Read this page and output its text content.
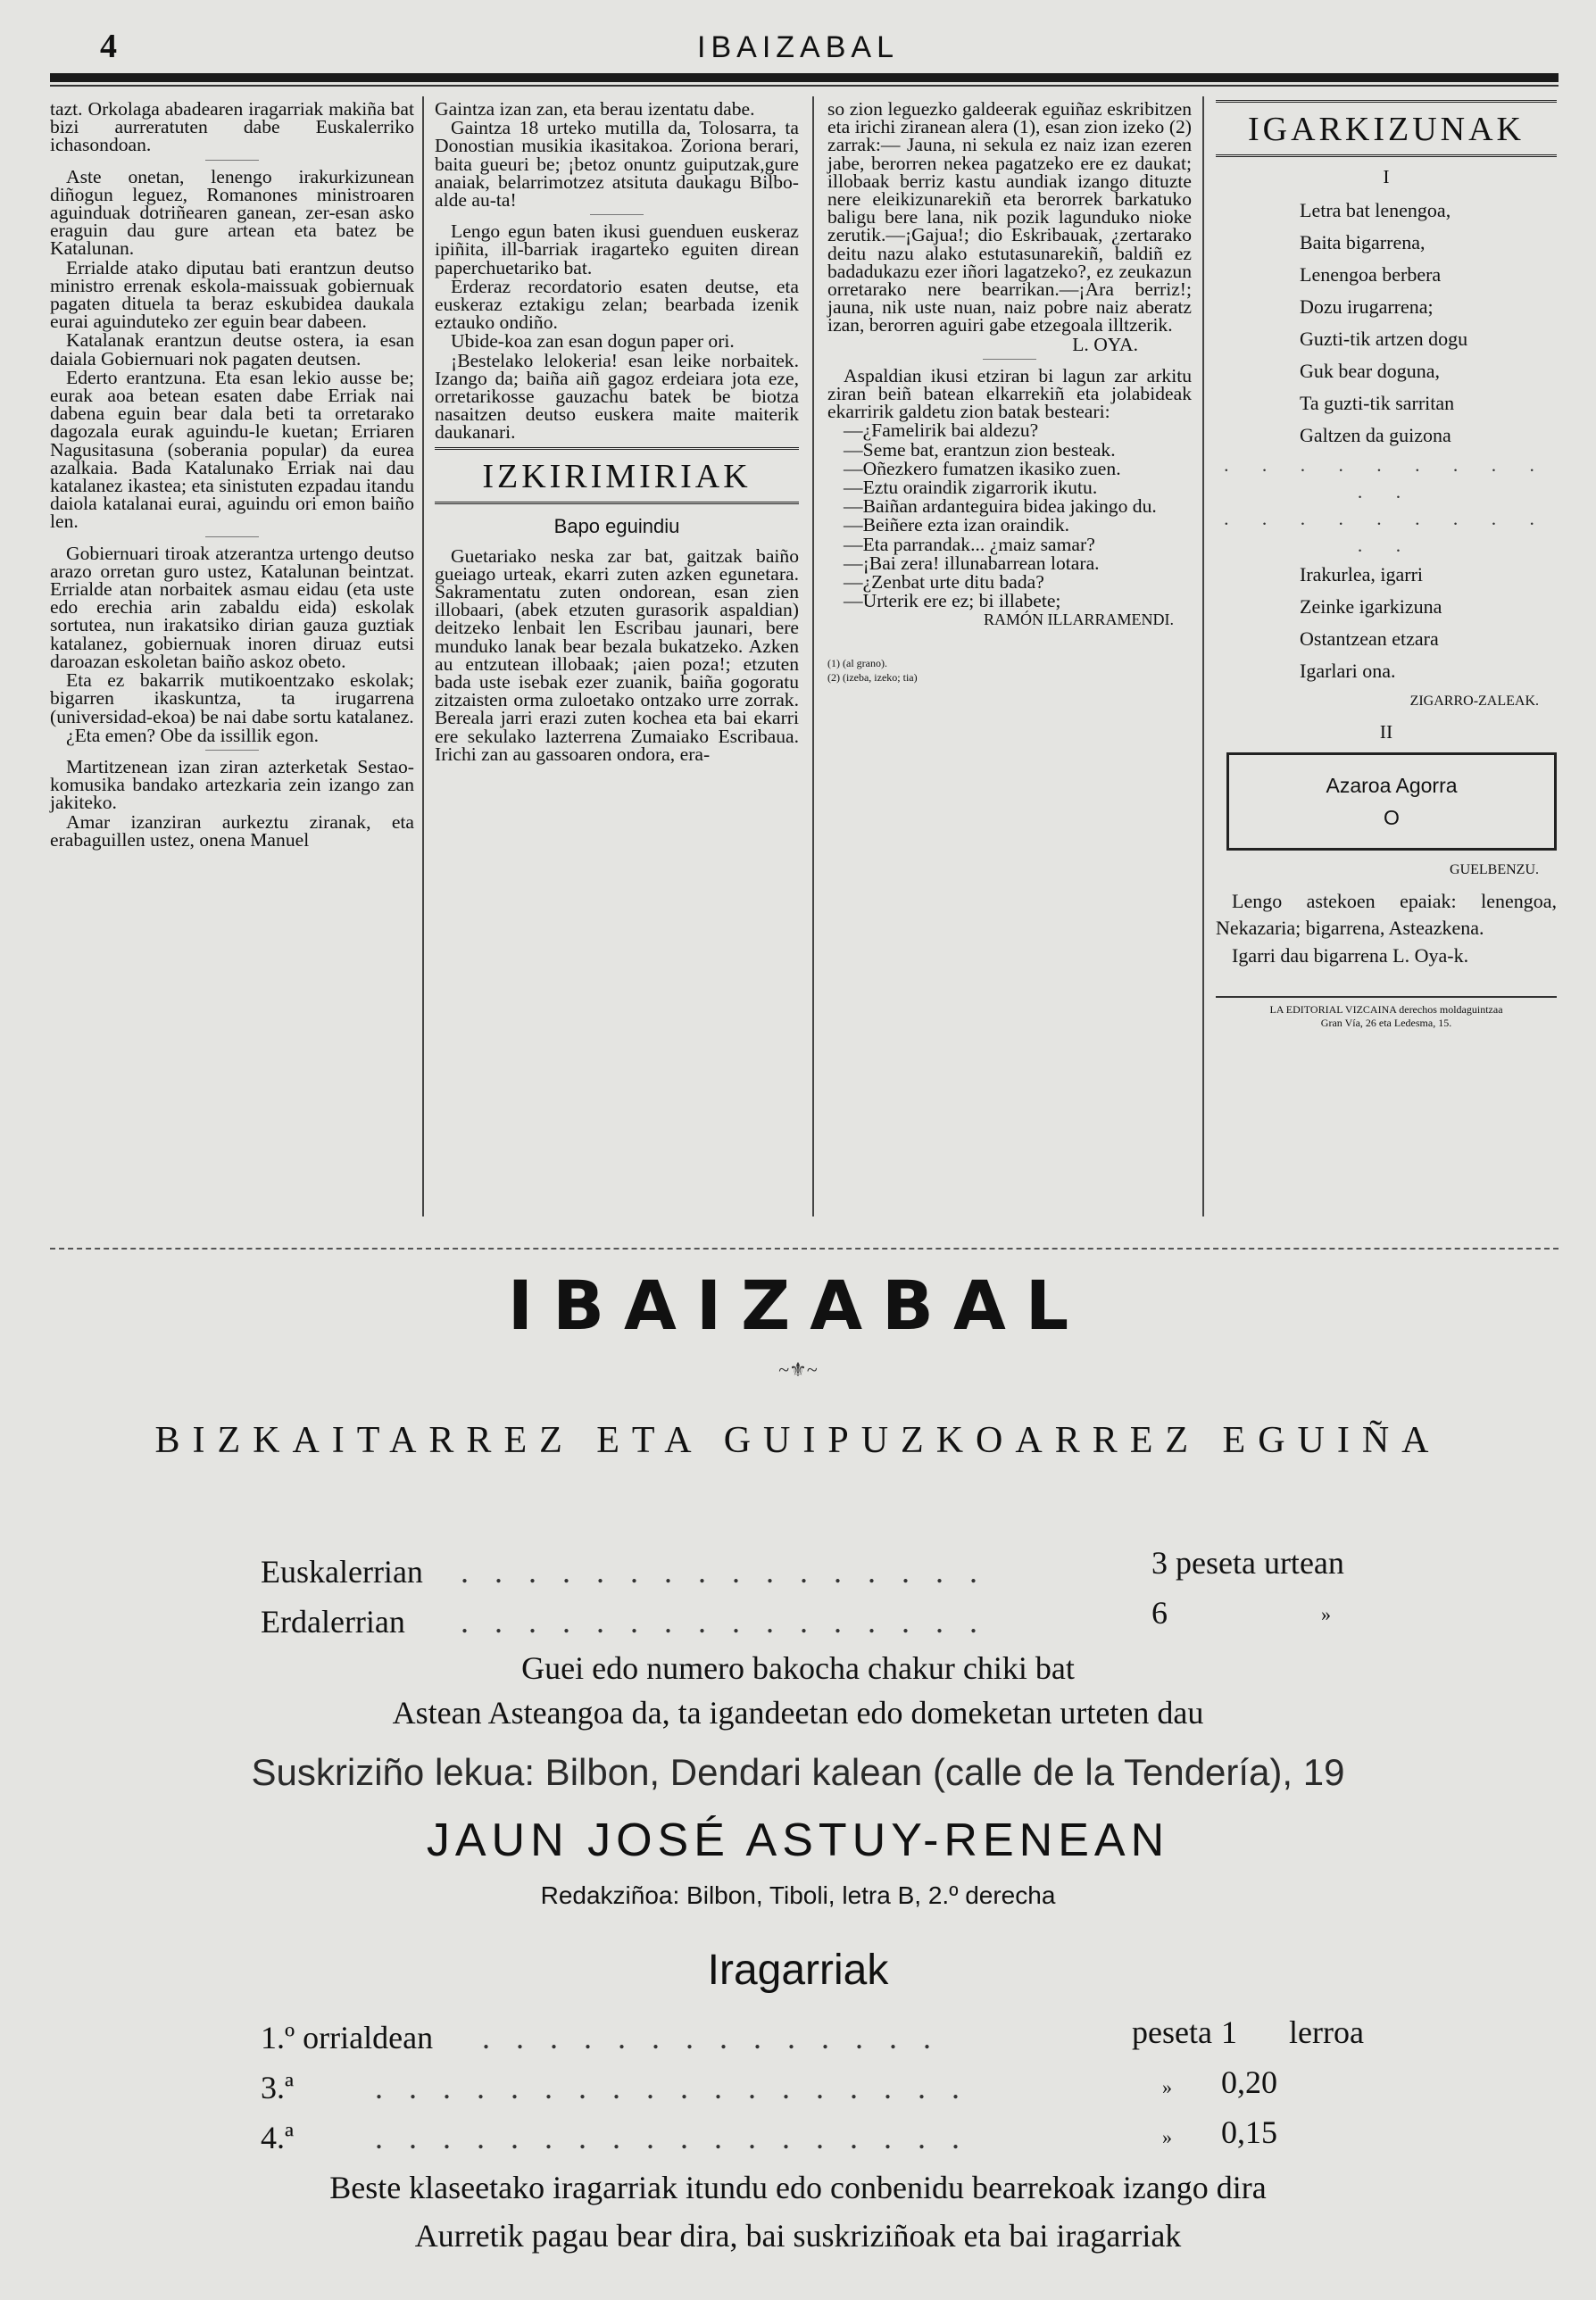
4	IBAIZABAL

tazt. Orkolaga abadearen iragarriak makiña bat bizi aurreratuten dabe Euskalerriko ichasondoan.

Aste onetan, lenengo irakurkizunean diñogun leguez, Romanones ministroaren aguinduak dotriñearen ganean, zer-esan asko eraguin dau gure artean eta batez be Katalunan.

Errialde atako diputau bati erantzun deutso ministro errenak eskola-maissuak gobiernuak pagaten dituela ta beraz eskubidea daukala eurai aguinduteko zer eguin bear dabeen.

Katalanak erantzun deutse ostera, ia esan daiala Gobiernuari nok pagaten deutsen.

Ederto erantzuna. Eta esan lekio ausse be; eurak aoa betean esaten dabe Erriak nai dabena eguin bear dala beti ta orretarako dagozala eurak aguindu-le kuetan; Erriaren Nagusitasuna (soberania popular) da eurea azalkaia. Bada Katalunako Erriak nai dau katalanez ikastea; eta sinistuten ezpadau itandu daiola katalanai eurai, aguindu ori emon baiño len.

Gobiernuari tiroak atzerantza urtengo deutso arazo orretan guro ustez, Katalunan beintzat. Errialde atan norbaitek asmau eidau (eta uste edo erechia arin zabaldu eida) eskolak sortutea, nun irakatsiko dirian gauza guztiak katalanez, gobiernuak inoren diruaz eutsi daroazan eskoletan baiño askoz obeto.

Eta ez bakarrik mutikoentzako eskolak; bigarren ikaskuntza, ta irugarrena (universidad-ekoa) be nai dabe sortu katalanez.

¿Eta emen? Obe da issillik egon.

Martitzenean izan ziran azterketak Sestao-komusika bandako artezkaria zein izango zan jakiteko.

Amar izanziran aurkeztu ziranak, eta erabaguillen ustez, onena Manuel

Gaintza izan zan, eta berau izentatu dabe.

Gaintza 18 urteko mutilla da, Tolosarra, ta Donostian musikia ikasitakoa. Zoriona berari, baita gueuri be; ¡betoz onuntz guiputzak,gure anaiak, belarrimotzez atsituta daukagu Bilbo-alde au-ta!

Lengo egun baten ikusi guenduen euskeraz ipiñita, ill-barriak iragarteko eguiten direan paperchuetariko bat.

Erderaz recordatorio esaten deutse, eta euskeraz eztakigu zelan; bearbada izenik eztauko ondiño.

Ubide-koa zan esan dogun paper ori.

¡Bestelako lelokeria! esan leike norbaitek. Izango da; baiña aiñ gagoz erdeiara jota eze, orretarikosse gauzachu batek be biotza nasaitzen deutso euskera maite maiterik daukanari.

IZKIRIMIRIAK
Bapo eguindiu

Guetariako neska zar bat, gaitzak baiño gueiago urteak, ekarri zuten azken egunetara. Sakramentatu zuten ondorean, esan zien illobaari, (abek etzuten gurasorik aspaldian) deitzeko lenbait len Escribau jaunari, bere munduko lanak bear bezala bukatzeko. Azken au entzutean illobaak; ¡aien poza!; etzuten bada uste isebak ezer zuanik, baiña gogoratu zitzaisten orma zuloetako ontzako urre zorrak. Bereala jarri erazi zuten kochea eta bai ekarri ere sekulako lazterrena Zumaiako Escribaua. Irichi zan au gassoaren ondora, era-

so zion leguezko galdeerak eguiñaz eskribitzen eta irichi ziranean alera (1), esan zion izeko (2) zarrak:— Jauna, ni sekula ez naiz izan ezeren jabe, berorren nekea pagatzeko ere ez daukat; illobaak berriz kastu aundiak izango dituzte nere eleikizunarekiñ eta berorrek barkatuko baligu bere lana, nik pozik lagunduko nioke zerutik.—¡Gajua!; dio Eskribauak, ¿zertarako deitu nazu alako estutasunarekiñ, baldiñ ez badadukazu ezer iñori lagatzeko?, ez zeukazun orretarako nere bearrikan.—¡Ara berriz!; jauna, nik uste nuan, naiz pobre naiz aberatz izan, berorren aguiri gabe etzegoala illtzerik.

L. OYA.

Aspaldian ikusi etziran bi lagun zar arkitu ziran beiñ batean elkarrekiñ eta jolabideak ekarririk galdetu zion batak besteari:

—¿Famelirik bai aldezu?

—Seme bat, erantzun zion besteak.

—Oñezkero fumatzen ikasiko zuen.

—Eztu oraindik zigarrorik ikutu.

—Baiñan ardanteguira bidea jakingo du.

—Beiñere ezta izan oraindik.

—Eta parrandak... ¿maiz samar?

—¡Bai zera! illunabarrean lotara.

—¿Zenbat urte ditu bada?

—Urterik ere ez; bi illabete;

RAMÓN ILLARRAMENDI.

(1) (al grano).
(2) (izeba, izeko; tia)
IGARKIZUNAK
I
Letra bat lenengoa,
Baita bigarrena,
Lenengoa berbera
Dozu irugarrena;
Guzti-tik artzen dogu
Guk bear doguna,
Ta guzti-tik sarritan
Galtzen da guizona
. . . . . . . . . . .
. . . . . . . . . . .
Irakurlea, igarri
Zeinke igarkizuna
Ostantzean etzara
Igarlari ona.
ZIGARRO-ZALEAK.
II
Azaroa Agorra
O
GUELBENZU.

Lengo astekoen epaiak: lenengoa, Nekazaria; bigarrena, Asteazkena.

Igarri dau bigarrena L. Oya-k.

LA EDITORIAL VIZCAINA derechos moldaguintzaa
Gran Vía, 26 eta Ledesma, 15.
IBAIZABAL
~⚜~
BIZKAITARREZ ETA GUIPUZKOARREZ EGUIÑA
Euskalerrian . . . . . . . . . . . . . . . .	3 peseta urtean
Erdalerrian . . . . . . . . . . . . . . . .	6	»
Guei edo numero bakocha chakur chiki bat
Astean Asteangoa da, ta igandeetan edo domeketan urteten dau
Suskriziño lekua: Bilbon, Dendari kalean (calle de la Tendería), 19
JAUN JOSÉ ASTUY-RENEAN
Redakziñoa: Bilbon, Tiboli, letra B, 2.º derecha
Iragarriak
1.º orrialdean . . . . . . . . . . . . . .	peseta 1 lerroa
3.ª	. . . . . . . . . . . . . . . . . .	» 0,20
4.ª	. . . . . . . . . . . . . . . . . .	» 0,15
Beste klaseetako iragarriak itundu edo conbenidu bearrekoak izango dira
Aurretik pagau bear dira, bai suskriziñoak eta bai iragarriak
